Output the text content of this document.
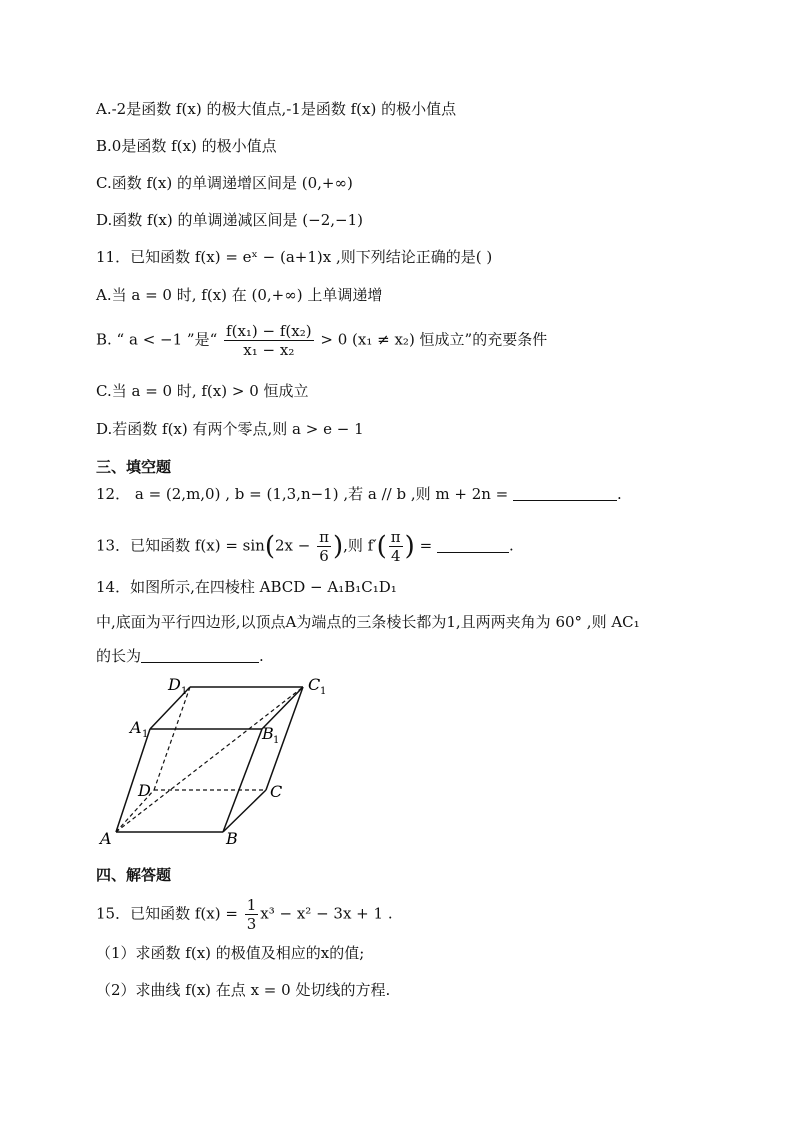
A.-2是函数 f(x) 的极大值点,-1是函数 f(x) 的极小值点
B.0是函数 f(x) 的极小值点
C.函数 f(x) 的单调递增区间是 (0,+∞)
D.函数 f(x) 的单调递减区间是 (−2,−1)
11．已知函数 f(x) = eˣ − (a+1)x ,则下列结论正确的是( )
A.当 a = 0 时, f(x) 在 (0,+∞) 上单调递增
B. “ a < −1 ”是“ $\frac{\text{f(x₁) − f(x₂)}}{\text{x₁ − x₂}} > 0$ (x₁ ≠ x₂) 恒成立”的充要条件
C.当 a = 0 时, f(x) > 0 恒成立
D.若函数 f(x) 有两个零点,则 a > e − 1
三、填空题
12． a = (2,m,0) , b = (1,3,n−1) ,若 a // b ,则 m + 2n =	.
13．已知函数 $f(x) = \sin(2x - \frac{\pi}{6}$ ),则 $f'( \frac{\pi}{4}$ ) =	.
14．如图所示,在四棱柱 ABCD − A₁B₁C₁D₁
中,底面为平行四边形,以顶点A为端点的三条棱长都为1,且两两夹角为 60° ,则 AC₁
的长为	.
D 1	C 1
A 1	B 1
D	C
A	B
四、解答题
15．已知函数 $f(x) = \frac{1}{3} x^3 - x^2 - 3x + 1$ .
（1）求函数 f(x) 的极值及相应的x的值;
（2）求曲线 f(x) 在点 x = 0 处切线的方程.
